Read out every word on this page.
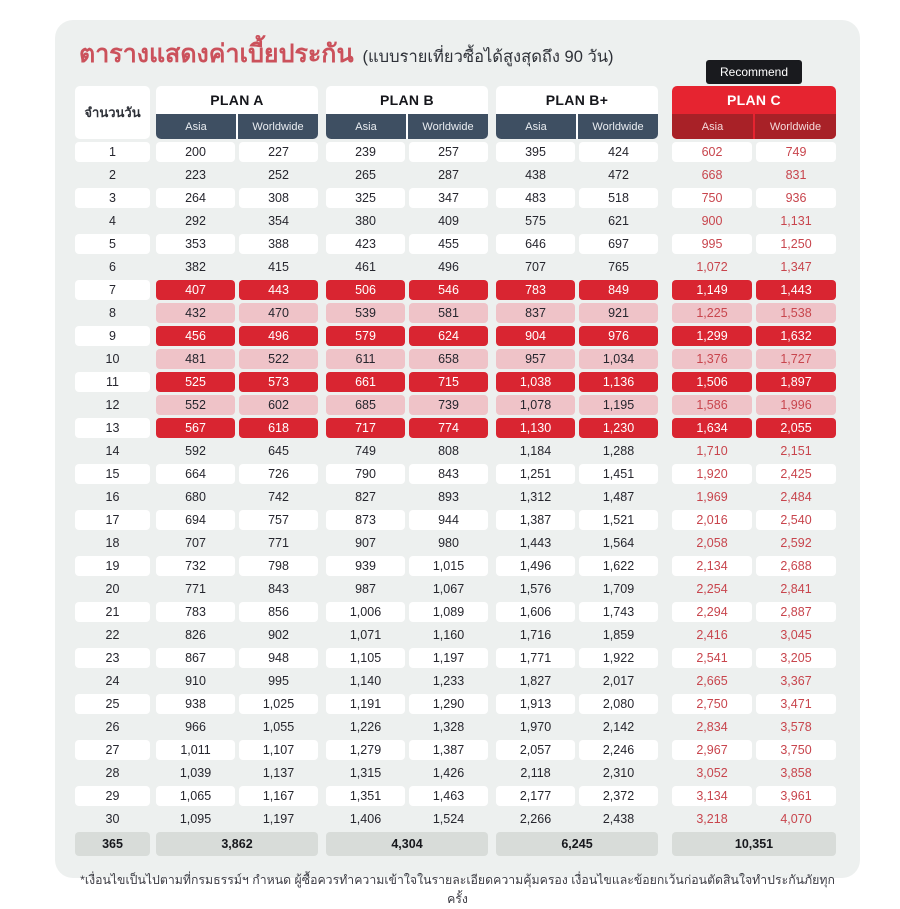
ตารางแสดงค่าเบี้ยประกัน (แบบรายเที่ยวซื้อได้สูงสุดถึง 90 วัน)
Recommend
จำนวนวัน
PLAN A
Asia	Worldwide
PLAN B
Asia	Worldwide
PLAN B+
Asia	Worldwide
PLAN C
Asia	Worldwide
1	200	227	239	257	395	424	602	749
2	223	252	265	287	438	472	668	831
3	264	308	325	347	483	518	750	936
4	292	354	380	409	575	621	900	1,131
5	353	388	423	455	646	697	995	1,250
6	382	415	461	496	707	765	1,072	1,347
7	407	443	506	546	783	849	1,149	1,443
8	432	470	539	581	837	921	1,225	1,538
9	456	496	579	624	904	976	1,299	1,632
10	481	522	611	658	957	1,034	1,376	1,727
11	525	573	661	715	1,038	1,136	1,506	1,897
12	552	602	685	739	1,078	1,195	1,586	1,996
13	567	618	717	774	1,130	1,230	1,634	2,055
14	592	645	749	808	1,184	1,288	1,710	2,151
15	664	726	790	843	1,251	1,451	1,920	2,425
16	680	742	827	893	1,312	1,487	1,969	2,484
17	694	757	873	944	1,387	1,521	2,016	2,540
18	707	771	907	980	1,443	1,564	2,058	2,592
19	732	798	939	1,015	1,496	1,622	2,134	2,688
20	771	843	987	1,067	1,576	1,709	2,254	2,841
21	783	856	1,006	1,089	1,606	1,743	2,294	2,887
22	826	902	1,071	1,160	1,716	1,859	2,416	3,045
23	867	948	1,105	1,197	1,771	1,922	2,541	3,205
24	910	995	1,140	1,233	1,827	2,017	2,665	3,367
25	938	1,025	1,191	1,290	1,913	2,080	2,750	3,471
26	966	1,055	1,226	1,328	1,970	2,142	2,834	3,578
27	1,011	1,107	1,279	1,387	2,057	2,246	2,967	3,750
28	1,039	1,137	1,315	1,426	2,118	2,310	3,052	3,858
29	1,065	1,167	1,351	1,463	2,177	2,372	3,134	3,961
30	1,095	1,197	1,406	1,524	2,266	2,438	3,218	4,070
365	3,862	4,304	6,245	10,351
*เงื่อนไขเป็นไปตามที่กรมธรรม์ฯ กำหนด ผู้ซื้อควรทำความเข้าใจในรายละเอียดความคุ้มครอง เงื่อนไขและข้อยกเว้นก่อนตัดสินใจทำประกันภัยทุกครั้ง
